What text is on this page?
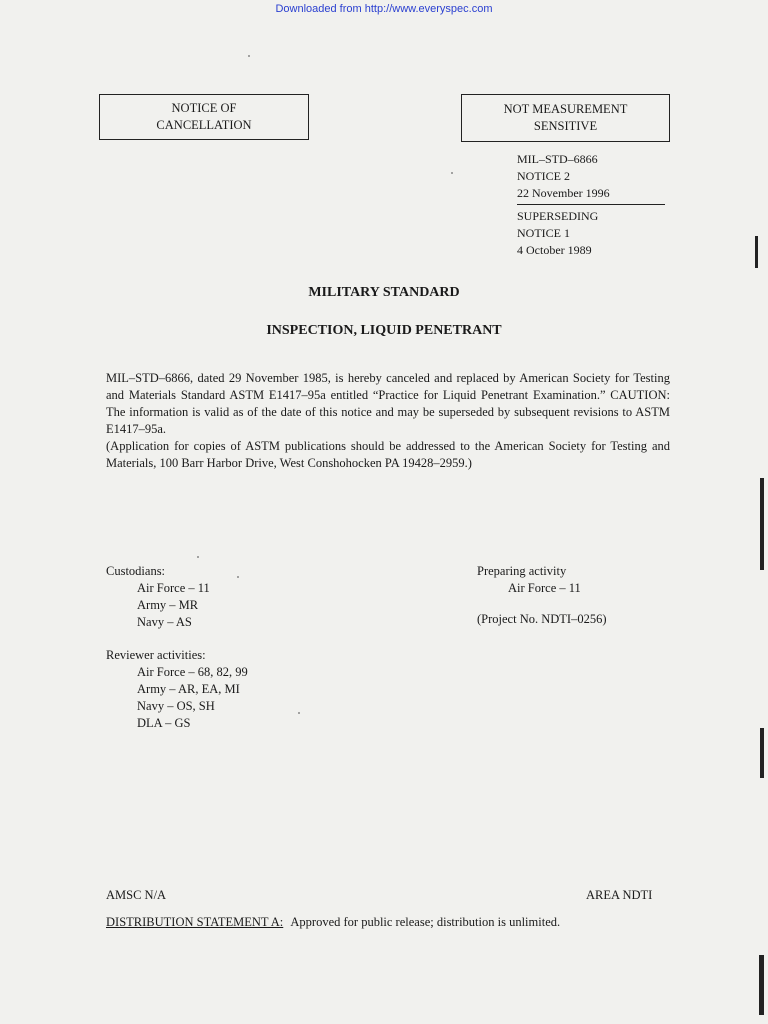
Downloaded from http://www.everyspec.com
NOTICE OF
CANCELLATION
NOT MEASUREMENT
SENSITIVE
MIL–STD–6866
NOTICE 2
22 November 1996
SUPERSEDING
NOTICE 1
4 October 1989
MILITARY STANDARD
INSPECTION, LIQUID PENETRANT
MIL–STD–6866, dated 29 November 1985, is hereby canceled and replaced by American Society for Testing and Materials Standard ASTM E1417–95a entitled “Practice for Liquid Penetrant Examination.” CAUTION: The information is valid as of the date of this notice and may be superseded by subsequent revisions to ASTM E1417–95a.
(Application for copies of ASTM publications should be addressed to the American Society for Testing and Materials, 100 Barr Harbor Drive, West Conshohocken PA 19428–2959.)
Custodians:
Air Force – 11
Army – MR
Navy – AS
Preparing activity
Air Force – 11
(Project No. NDTI–0256)
Reviewer activities:
Air Force – 68, 82, 99
Army – AR, EA, MI
Navy – OS, SH
DLA – GS
AMSC N/A	AREA NDTI
DISTRIBUTION STATEMENT A: Approved for public release; distribution is unlimited.
